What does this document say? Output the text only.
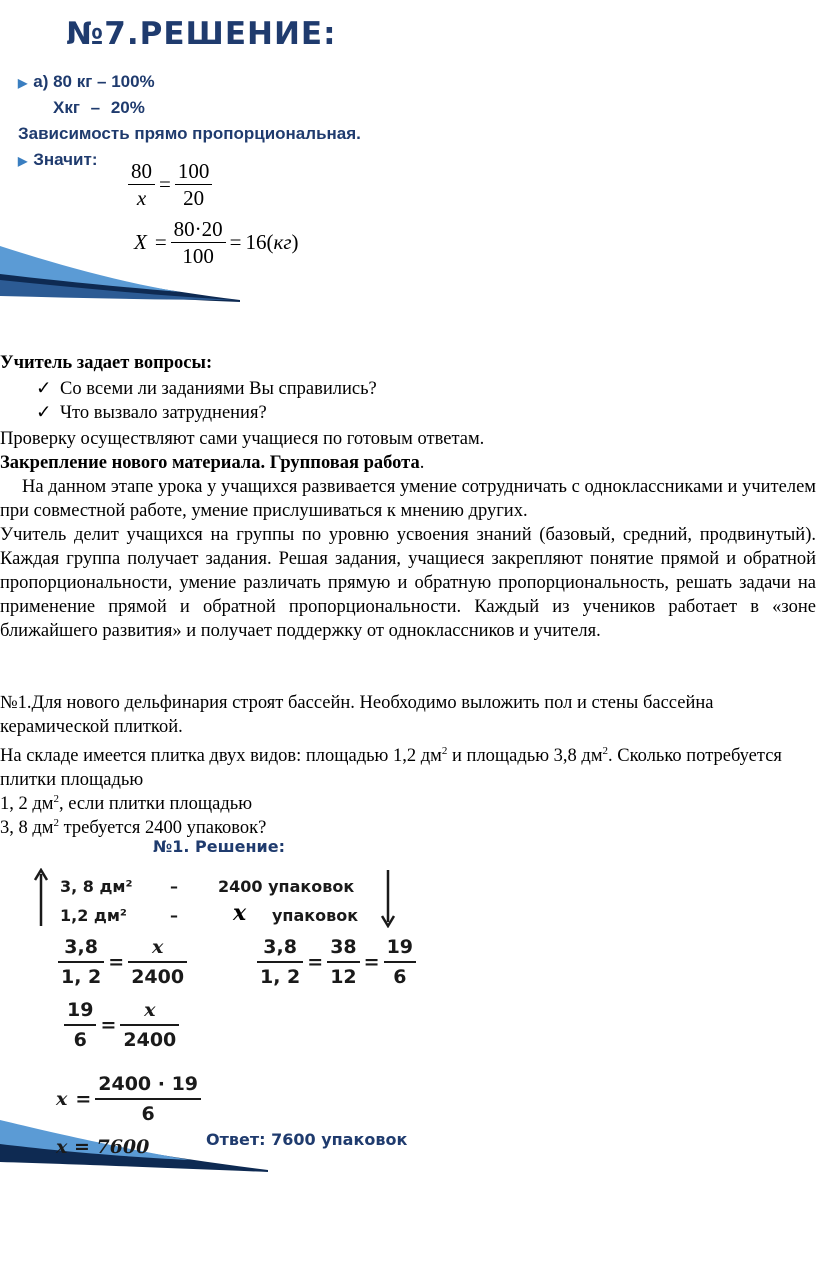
№7.РЕШЕНИЕ:
▶ а) 80 кг – 100%
Хкг – 20%
Зависимость прямо пропорциональная.
▶ Значит: $\frac{80}{x} = \frac{100}{20}$
$X = \frac{80\cdot 20}{100} = 16(кг)$
Учитель задает вопросы:
✓ Со всеми ли заданиями Вы справились?
✓ Что вызвало затруднения?
Проверку осуществляют сами учащиеся по готовым ответам.
Закрепление нового материала. Групповая работа.
На данном этапе урока у учащихся развивается умение сотрудничать с одноклассниками и учителем при совместной работе, умение прислушиваться к мнению других.
Учитель делит учащихся на группы по уровню усвоения знаний (базовый, средний, продвинутый). Каждая группа получает задания. Решая задания, учащиеся закрепляют понятие прямой и обратной пропорциональности, умение различать прямую и обратную пропорциональность, решать задачи на применение прямой и обратной пропорциональности. Каждый из учеников работает в «зоне ближайшего развития» и получает поддержку от одноклассников и учителя.
№1.Для нового дельфинария строят бассейн. Необходимо выложить пол и стены бассейна керамической плиткой.
На складе имеется плитка двух видов: площадью 1,2 $дм^2$ и площадью 3,8 $дм^2$. Сколько потребуется плитки площадью
1, 2 $дм^2$, если плитки площадью
3, 8 $дм^2$ требуется 2400 упаковок?
№1. Решение:
3, 8 дм² –	2400 упаковок
1,2 дм²	–	x упаковок
$\frac{3,8}{1, 2} = \frac{x}{2400}$	$\frac{3,8}{1, 2} = \frac{38}{12} = \frac{19}{6}$
$\frac{19}{6} = \frac{x}{2400}$
$x = \frac{2400 \cdot 19}{6}$
x = 7600	Ответ: 7600 упаковок
